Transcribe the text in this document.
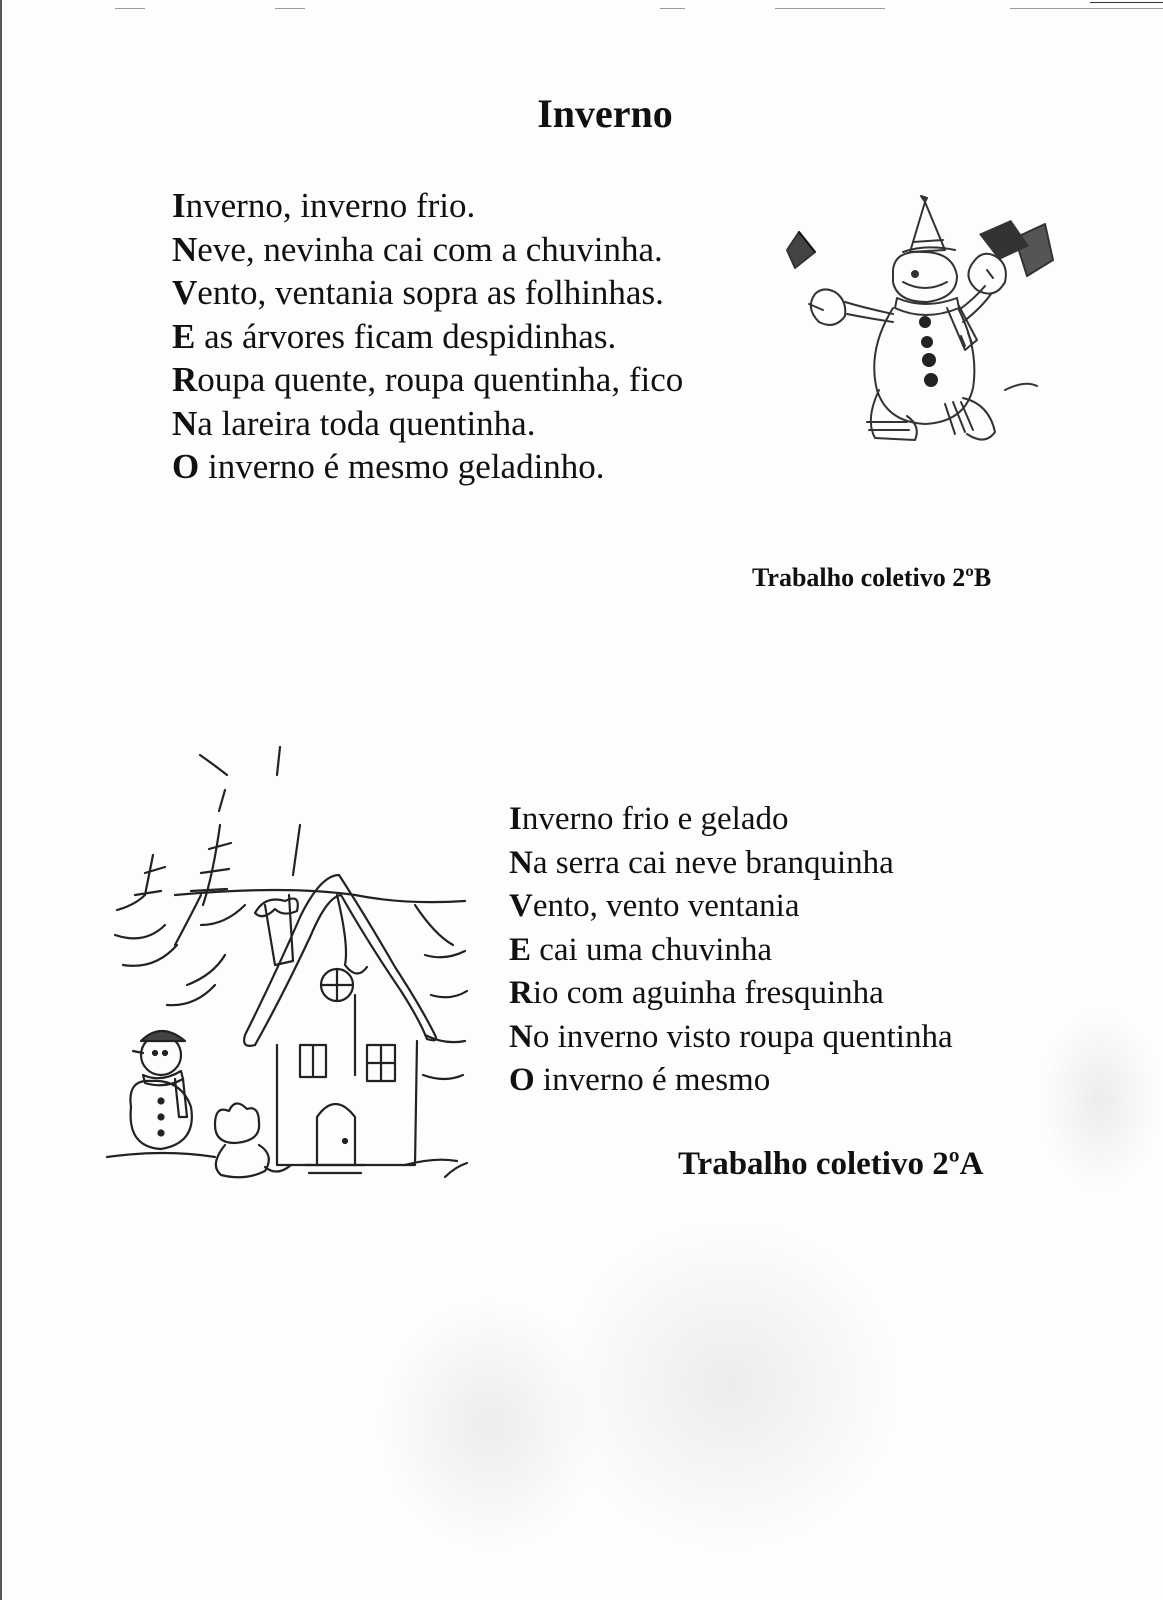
Inverno
Inverno, inverno frio.
Neve, nevinha cai com a chuvinha.
Vento, ventania sopra as folhinhas.
E as árvores ficam despidinhas.
Roupa quente, roupa quentinha, fico
Na lareira toda quentinha.
O inverno é mesmo geladinho.

Trabalho coletivo 2ºB

Inverno frio e gelado
Na serra cai neve branquinha
Vento, vento ventania
E cai uma chuvinha
Rio com aguinha fresquinha
No inverno visto roupa quentinha
O inverno é mesmo

Trabalho coletivo 2ºA
